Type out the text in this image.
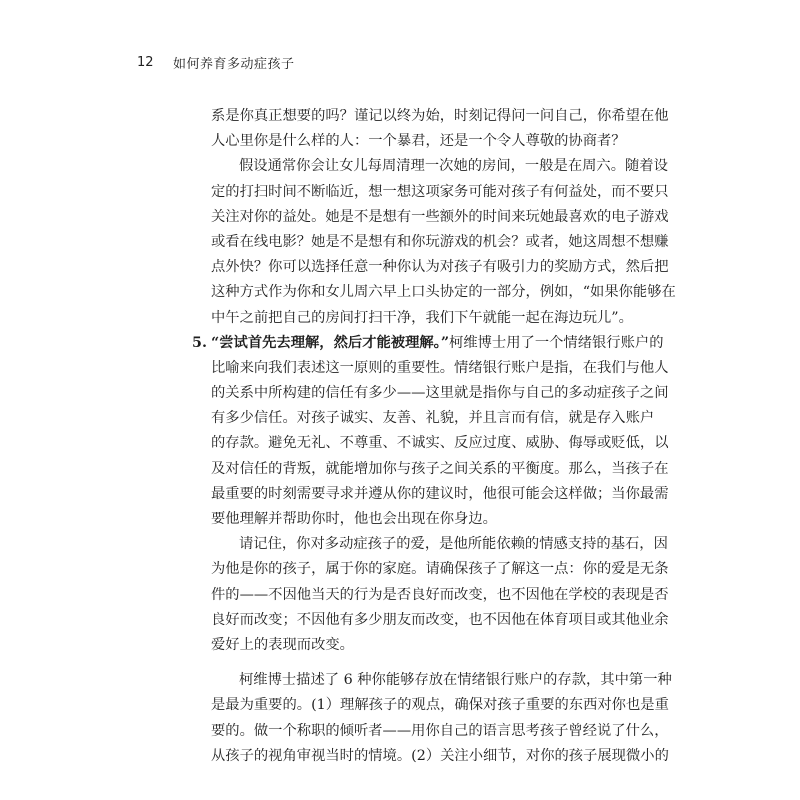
12	如何养育多动症孩子
系是你真正想要的吗？谨记以终为始，时刻记得问一问自己，你希望在他
人心里你是什么样的人：一个暴君，还是一个令人尊敬的协商者？
假设通常你会让女儿每周清理一次她的房间，一般是在周六。随着设
定的打扫时间不断临近，想一想这项家务可能对孩子有何益处，而不要只
关注对你的益处。她是不是想有一些额外的时间来玩她最喜欢的电子游戏
或看在线电影？她是不是想有和你玩游戏的机会？或者，她这周想不想赚
点外快？你可以选择任意一种你认为对孩子有吸引力的奖励方式，然后把
这种方式作为你和女儿周六早上口头协定的一部分，例如，“如果你能够在
中午之前把自己的房间打扫干净，我们下午就能一起在海边玩儿”。
5. “尝试首先去理解，然后才能被理解。”柯维博士用了一个情绪银行账户的
比喻来向我们表述这一原则的重要性。情绪银行账户是指，在我们与他人
的关系中所构建的信任有多少——这里就是指你与自己的多动症孩子之间
有多少信任。对孩子诚实、友善、礼貌，并且言而有信，就是存入账户
的存款。避免无礼、不尊重、不诚实、反应过度、威胁、侮辱或贬低，以
及对信任的背叛，就能增加你与孩子之间关系的平衡度。那么，当孩子在
最重要的时刻需要寻求并遵从你的建议时，他很可能会这样做；当你最需
要他理解并帮助你时，他也会出现在你身边。
请记住，你对多动症孩子的爱，是他所能依赖的情感支持的基石，因
为他是你的孩子，属于你的家庭。请确保孩子了解这一点：你的爱是无条
件的——不因他当天的行为是否良好而改变，也不因他在学校的表现是否
良好而改变；不因他有多少朋友而改变，也不因他在体育项目或其他业余
爱好上的表现而改变。
柯维博士描述了 6 种你能够存放在情绪银行账户的存款，其中第一种
是最为重要的。(1）理解孩子的观点，确保对孩子重要的东西对你也是重
要的。做一个称职的倾听者——用你自己的语言思考孩子曾经说了什么，
从孩子的视角审视当时的情境。(2）关注小细节，对你的孩子展现微小的
